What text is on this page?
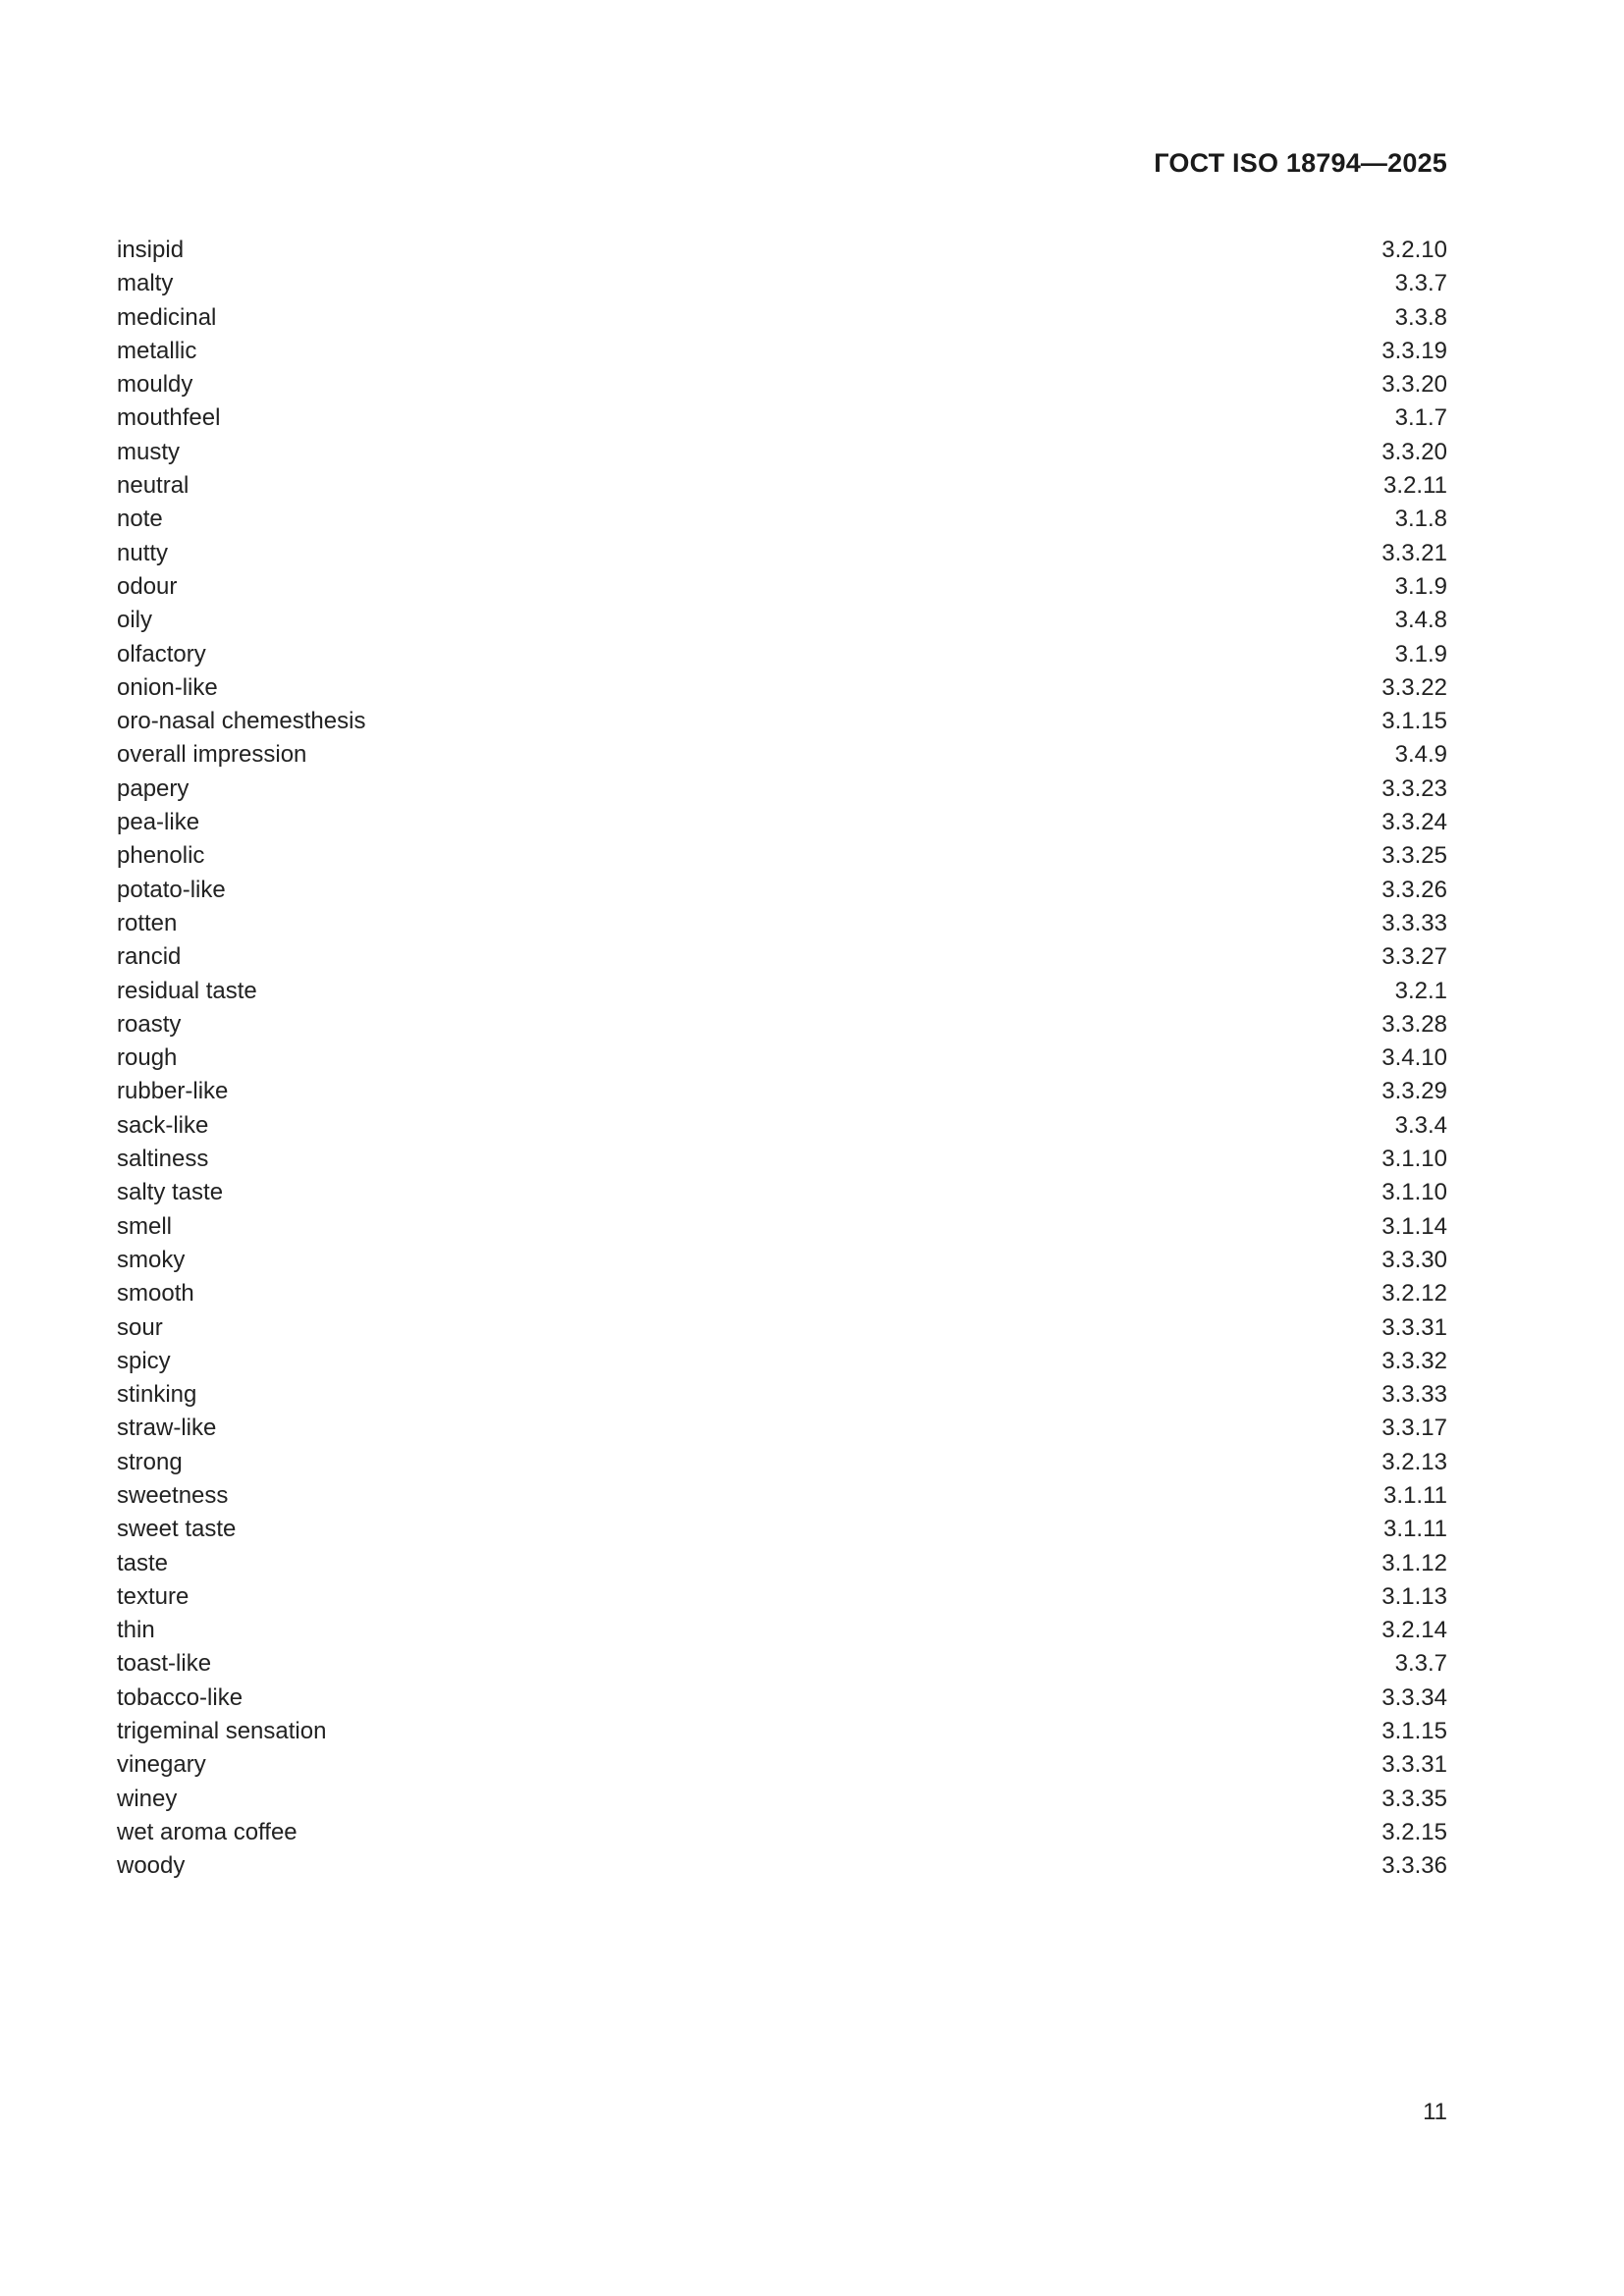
ГОСТ ISO 18794—2025
insipid	3.2.10
malty	3.3.7
medicinal	3.3.8
metallic	3.3.19
mouldy	3.3.20
mouthfeel	3.1.7
musty	3.3.20
neutral	3.2.11
note	3.1.8
nutty	3.3.21
odour	3.1.9
oily	3.4.8
olfactory	3.1.9
onion-like	3.3.22
oro-nasal chemesthesis	3.1.15
overall impression	3.4.9
papery	3.3.23
pea-like	3.3.24
phenolic	3.3.25
potato-like	3.3.26
rotten	3.3.33
rancid	3.3.27
residual taste	3.2.1
roasty	3.3.28
rough	3.4.10
rubber-like	3.3.29
sack-like	3.3.4
saltiness	3.1.10
salty taste	3.1.10
smell	3.1.14
smoky	3.3.30
smooth	3.2.12
sour	3.3.31
spicy	3.3.32
stinking	3.3.33
straw-like	3.3.17
strong	3.2.13
sweetness	3.1.11
sweet taste	3.1.11
taste	3.1.12
texture	3.1.13
thin	3.2.14
toast-like	3.3.7
tobacco-like	3.3.34
trigeminal sensation	3.1.15
vinegary	3.3.31
winey	3.3.35
wet aroma coffee	3.2.15
woody	3.3.36
11
